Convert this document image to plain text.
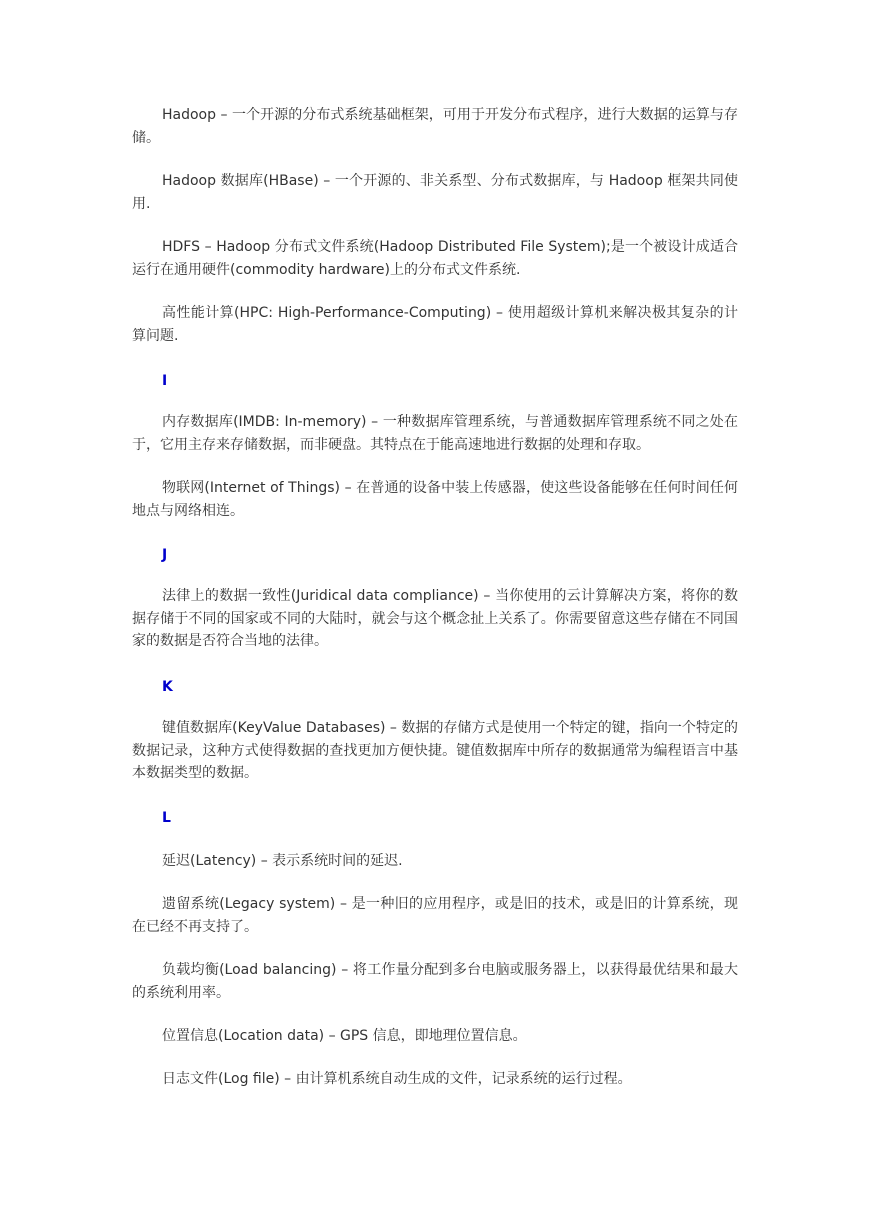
Hadoop – 一个开源的分布式系统基础框架，可用于开发分布式程序，进行大数据的运算与存储。

Hadoop 数据库(HBase) – 一个开源的、非关系型、分布式数据库，与 Hadoop 框架共同使用.

HDFS – Hadoop 分布式文件系统(Hadoop Distributed File System);是一个被设计成适合运行在通用硬件(commodity hardware)上的分布式文件系统.

高性能计算(HPC: High-Performance-Computing) – 使用超级计算机来解决极其复杂的计算问题.

I

内存数据库(IMDB: In-memory) – 一种数据库管理系统，与普通数据库管理系统不同之处在于，它用主存来存储数据，而非硬盘。其特点在于能高速地进行数据的处理和存取。

物联网(Internet of Things) – 在普通的设备中装上传感器，使这些设备能够在任何时间任何地点与网络相连。

J

法律上的数据一致性(Juridical data compliance) – 当你使用的云计算解决方案，将你的数据存储于不同的国家或不同的大陆时，就会与这个概念扯上关系了。你需要留意这些存储在不同国家的数据是否符合当地的法律。

K

键值数据库(KeyValue Databases) – 数据的存储方式是使用一个特定的键，指向一个特定的数据记录，这种方式使得数据的查找更加方便快捷。键值数据库中所存的数据通常为编程语言中基本数据类型的数据。

L

延迟(Latency) – 表示系统时间的延迟.

遗留系统(Legacy system) – 是一种旧的应用程序，或是旧的技术，或是旧的计算系统，现在已经不再支持了。

负载均衡(Load balancing) – 将工作量分配到多台电脑或服务器上，以获得最优结果和最大的系统利用率。

位置信息(Location data) – GPS 信息，即地理位置信息。

日志文件(Log file) – 由计算机系统自动生成的文件，记录系统的运行过程。
